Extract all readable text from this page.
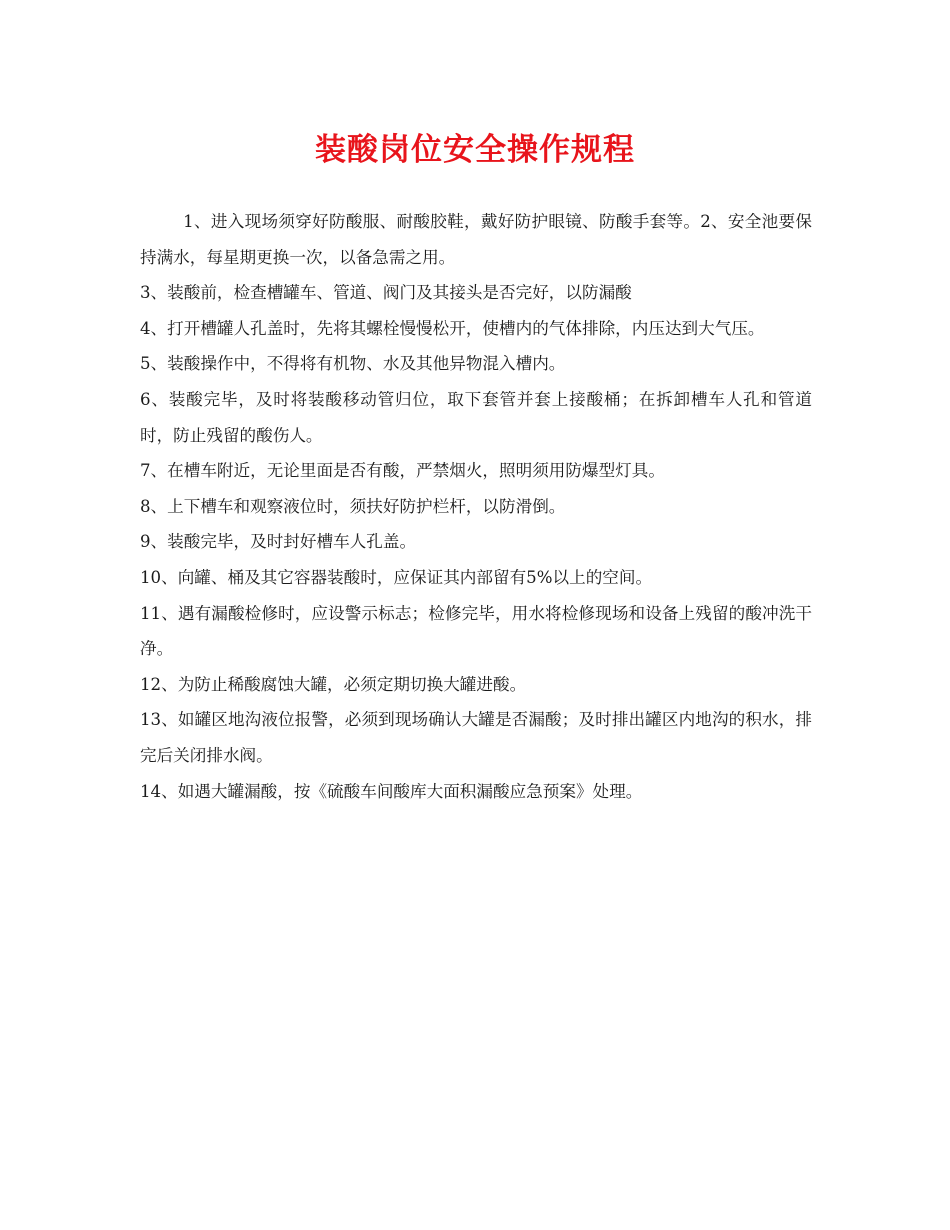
装酸岗位安全操作规程

1、进入现场须穿好防酸服、耐酸胶鞋，戴好防护眼镜、防酸手套等。2、安全池要保持满水，每星期更换一次，以备急需之用。

3、装酸前，检查槽罐车、管道、阀门及其接头是否完好，以防漏酸

4、打开槽罐人孔盖时，先将其螺栓慢慢松开，使槽内的气体排除，内压达到大气压。

5、装酸操作中，不得将有机物、水及其他异物混入槽内。

6、装酸完毕，及时将装酸移动管归位，取下套管并套上接酸桶；在拆卸槽车人孔和管道时，防止残留的酸伤人。

7、在槽车附近，无论里面是否有酸，严禁烟火，照明须用防爆型灯具。

8、上下槽车和观察液位时，须扶好防护栏杆，以防滑倒。

9、装酸完毕，及时封好槽车人孔盖。

10、向罐、桶及其它容器装酸时，应保证其内部留有5%以上的空间。

11、遇有漏酸检修时，应设警示标志；检修完毕，用水将检修现场和设备上残留的酸冲洗干净。

12、为防止稀酸腐蚀大罐，必须定期切换大罐进酸。

13、如罐区地沟液位报警，必须到现场确认大罐是否漏酸；及时排出罐区内地沟的积水，排完后关闭排水阀。

14、如遇大罐漏酸，按《硫酸车间酸库大面积漏酸应急预案》处理。
